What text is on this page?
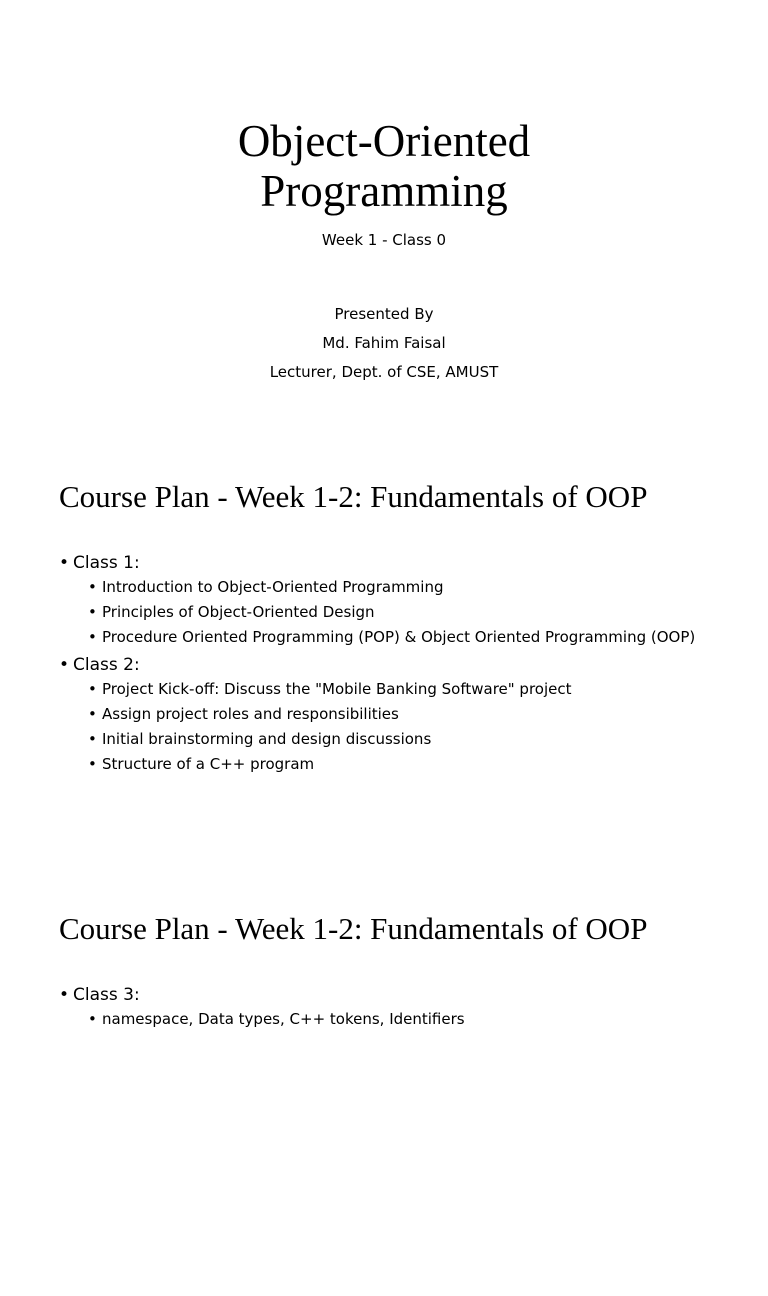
Object-Oriented
Programming
Week 1 - Class 0
Presented By
Md. Fahim Faisal
Lecturer, Dept. of CSE, AMUST
Course Plan - Week 1-2: Fundamentals of OOP
• Class 1:
• Introduction to Object-Oriented Programming
• Principles of Object-Oriented Design
• Procedure Oriented Programming (POP) & Object Oriented Programming (OOP)
• Class 2:
• Project Kick-off: Discuss the "Mobile Banking Software" project
• Assign project roles and responsibilities
• Initial brainstorming and design discussions
• Structure of a C++ program
Course Plan - Week 1-2: Fundamentals of OOP
• Class 3:
• namespace, Data types, C++ tokens, Identifiers
